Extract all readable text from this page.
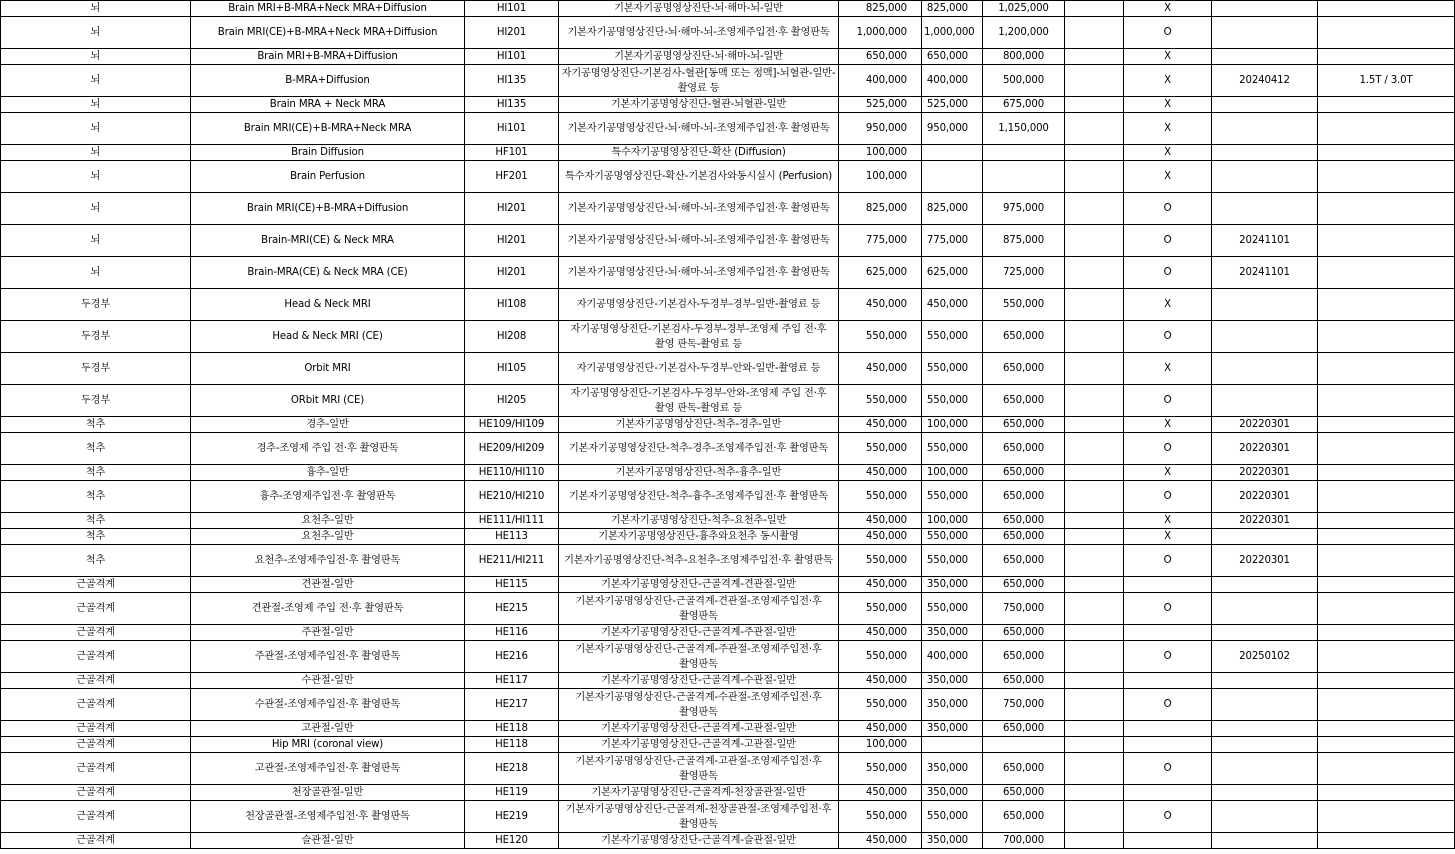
뇌	Brain MRI+B-MRA+Neck MRA+Diffusion	HI101	기본자기공명영상진단-뇌·해마-뇌-일반	825,000	825,000	1,025,000		X		
뇌	Brain MRI(CE)+B-MRA+Neck MRA+Diffusion	HI201	기본자기공명영상진단-뇌·해마-뇌-조영제주입전·후 촬영판독	1,000,000	1,000,000	1,200,000		O		
뇌	Brain MRI+B-MRA+Diffusion	HI101	기본자기공명영상진단-뇌·해마-뇌-일반	650,000	650,000	800,000		X		
뇌	B-MRA+Diffusion	HI135	자기공명영상진단-기본검사-혈관[동맥 또는 정맥]-뇌혈관-일반-촬영료 등	400,000	400,000	500,000		X	20240412	1.5T / 3.0T
뇌	Brain MRA + Neck MRA	HI135	기본자기공명영상진단-혈관-뇌혈관-일반	525,000	525,000	675,000		X		
뇌	Brain MRI(CE)+B-MRA+Neck MRA	Hi101	기본자기공명영상진단-뇌·해마-뇌-조영제주입전·후 촬영판독	950,000	950,000	1,150,000		X		
뇌	Brain Diffusion	HF101	특수자기공명영상진단-확산 (Diffusion)	100,000				X		
뇌	Brain Perfusion	HF201	특수자기공명영상진단-확산-기본검사와동시실시 (Perfusion)	100,000				X		
뇌	Brain MRI(CE)+B-MRA+Diffusion	HI201	기본자기공명영상진단-뇌·해마-뇌-조영제주입전·후 촬영판독	825,000	825,000	975,000		O		
뇌	Brain-MRI(CE) & Neck MRA	HI201	기본자기공명영상진단-뇌·해마-뇌-조영제주입전·후 촬영판독	775,000	775,000	875,000		O	20241101	
뇌	Brain-MRA(CE) & Neck MRA (CE)	HI201	기본자기공명영상진단-뇌·해마-뇌-조영제주입전·후 촬영판독	625,000	625,000	725,000		O	20241101	
두경부	Head & Neck MRI	HI108	자기공명영상진단-기본검사-두경부-경부-일반-촬영료 등	450,000	450,000	550,000		X		
두경부	Head & Neck MRI (CE)	HI208	자기공명영상진단-기본검사-두경부-경부-조영제 주입 전·후 촬영 판독-촬영료 등	550,000	550,000	650,000		O		
두경부	Orbit MRI	HI105	자기공명영상진단-기본검사-두경부-안와-일반-촬영료 등	450,000	550,000	650,000		X		
두경부	ORbit MRI (CE)	HI205	자기공명영상진단-기본검사-두경부-안와-조영제 주입 전·후 촬영 판독-촬영료 등	550,000	550,000	650,000		O		
척추	경추-일반	HE109/HI109	기본자기공명영상진단-척추-경추-일반	450,000	100,000	650,000		X	20220301	
척추	경추-조영제 주입 전·후 촬영판독	HE209/HI209	기본자기공명영상진단-척추-경추-조영제주입전·후 촬영판독	550,000	550,000	650,000		O	20220301	
척추	흉추-일반	HE110/HI110	기본자기공명영상진단-척추-흉추-일반	450,000	100,000	650,000		X	20220301	
척추	흉추-조영제주입전·후 촬영판독	HE210/HI210	기본자기공명영상진단-척추-흉추-조영제주입전·후 촬영판독	550,000	550,000	650,000		O	20220301	
척추	요천추-일반	HE111/HI111	기본자기공명영상진단-척추-요천추-일반	450,000	100,000	650,000		X	20220301	
척추	요천추-일반	HE113	기본자기공명영상진단-흉추와요천추 동시촬영	450,000	550,000	650,000		X		
척추	요천추-조영제주입전·후 촬영판독	HE211/HI211	기본자기공명영상진단-척추-요천추-조영제주입전·후 촬영판독	550,000	550,000	650,000		O	20220301	
근골격계	견관절-일반	HE115	기본자기공명영상진단-근골격계-견관절-일반	450,000	350,000	650,000				
근골격계	견관절-조영제 주입 전·후 촬영판독	HE215	기본자기공명영상진단-근골격계-견관절-조영제주입전·후 촬영판독	550,000	550,000	750,000		O		
근골격계	주관절-일반	HE116	기본자기공명영상진단-근골격계-주관절-일반	450,000	350,000	650,000				
근골격계	주관절-조영제주입전·후 촬영판독	HE216	기본자기공명영상진단-근골격계-주관절-조영제주입전·후 촬영판독	550,000	400,000	650,000		O	20250102	
근골격계	수관절-일반	HE117	기본자기공명영상진단-근골격계-수관절-일반	450,000	350,000	650,000				
근골격계	수관절-조영제주입전·후 촬영판독	HE217	기본자기공명영상진단-근골격계-수관절-조영제주입전·후 촬영판독	550,000	350,000	750,000		O		
근골격계	고관절-일반	HE118	기본자기공명영상진단-근골격계-고관절-일반	450,000	350,000	650,000				
근골격계	Hip MRI (coronal view)	HE118	기본자기공명영상진단-근골격계-고관절-일반	100,000						
근골격계	고관절-조영제주입전·후 촬영판독	HE218	기본자기공명영상진단-근골격계-고관절-조영제주입전·후 촬영판독	550,000	350,000	650,000		O		
근골격계	천장골관절-일반	HE119	기본자기공명영상진단-근골격계-천장골관절-일반	450,000	350,000	650,000				
근골격계	천장골관절-조영제주입전·후 촬영판독	HE219	기본자기공명영상진단-근골격계-천장골관절-조영제주입전·후 촬영판독	550,000	550,000	650,000		O		
근골격계	슬관절-일반	HE120	기본자기공명영상진단-근골격계-슬관절-일반	450,000	350,000	700,000				
